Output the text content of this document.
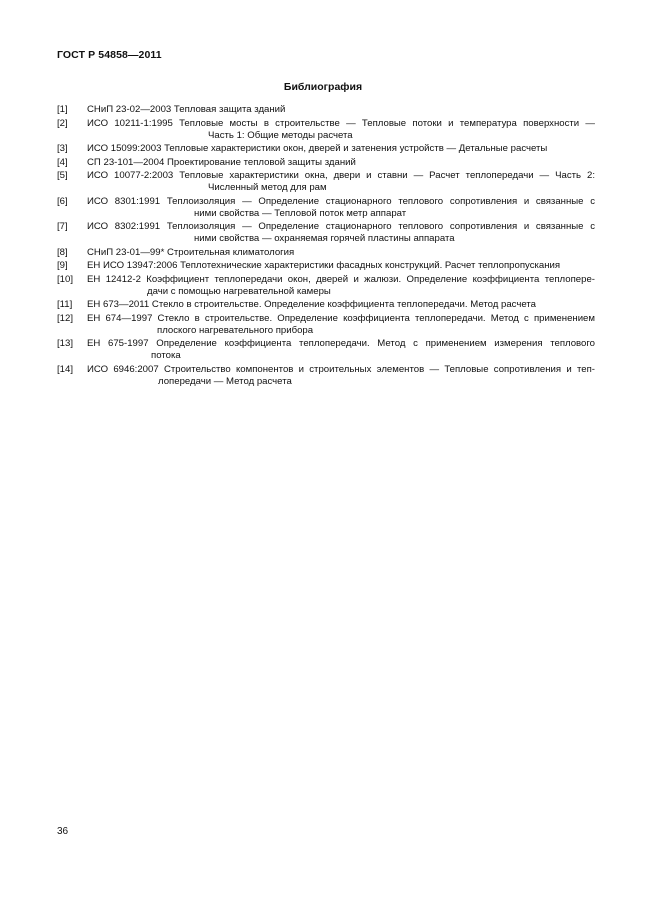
ГОСТ Р 54858—2011
Библиография
[1] СНиП 23-02—2003 Тепловая защита зданий
[2] ИСО 10211-1:1995 Тепловые мосты в строительстве — Тепловые потоки и температура поверхности —
Часть 1: Общие методы расчета
[3] ИСО 15099:2003 Тепловые характеристики окон, дверей и затенения устройств — Детальные расчеты
[4] СП 23-101—2004 Проектирование тепловой защиты зданий
[5] ИСО 10077-2:2003 Тепловые характеристики окна, двери и ставни — Расчет теплопередачи — Часть 2:
Численный метод для рам
[6] ИСО 8301:1991 Теплоизоляция — Определение стационарного теплового сопротивления и связанные с
ними свойства — Тепловой поток метр аппарат
[7] ИСО 8302:1991 Теплоизоляция — Определение стационарного теплового сопротивления и связанные с
ними свойства — охраняемая горячей пластины аппарата
[8] СНиП 23-01—99* Строительная климатология
[9] ЕН ИСО 13947:2006 Теплотехнические характеристики фасадных конструкций. Расчет теплопропускания
[10] ЕН 12412-2 Коэффициент теплопередачи окон, дверей и жалюзи. Определение коэффициента теплопере-
дачи с помощью нагревательной камеры
[11] ЕН 673—2011 Стекло в строительстве. Определение коэффициента теплопередачи. Метод расчета
[12] ЕН 674—1997 Стекло в строительстве. Определение коэффициента теплопередачи. Метод с применением
плоского нагревательного прибора
[13] ЕН 675-1997 Определение коэффициента теплопередачи. Метод с применением измерения теплового
потока
[14] ИСО 6946:2007 Строительство компонентов и строительных элементов — Тепловые сопротивления и теп-
лопередачи — Метод расчета
36
